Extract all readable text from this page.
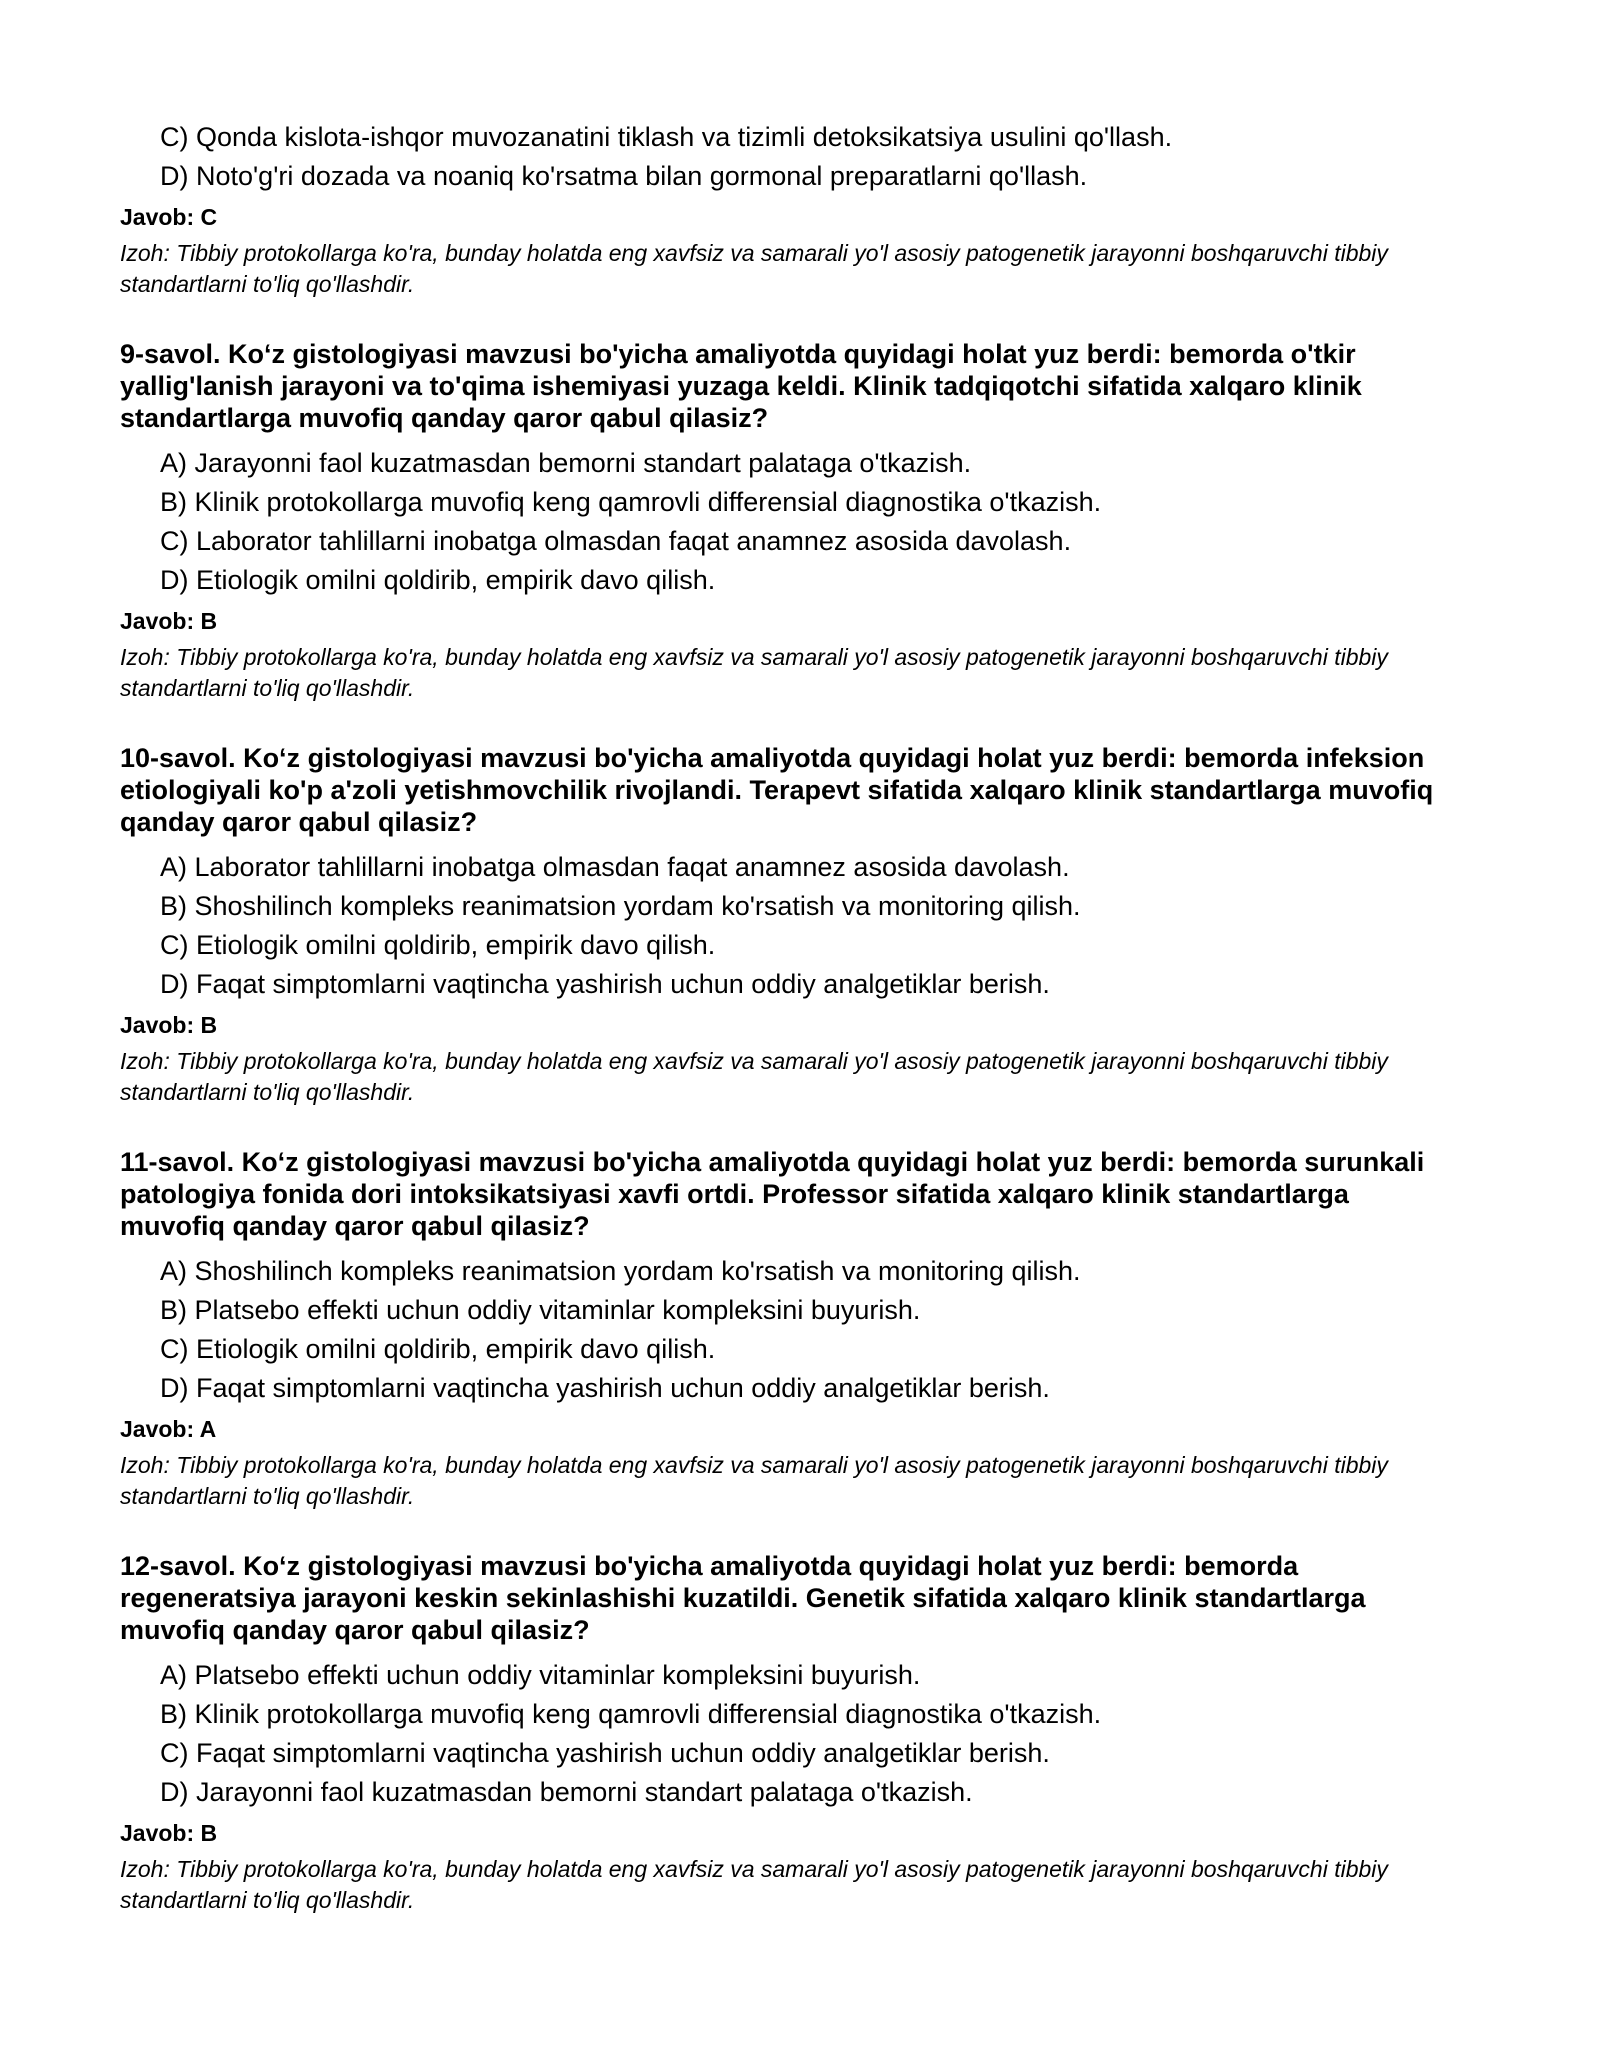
C) Qonda kislota-ishqor muvozanatini tiklash va tizimli detoksikatsiya usulini qo'llash.

D) Noto'g'ri dozada va noaniq ko'rsatma bilan gormonal preparatlarni qo'llash.

Javob: C
Izoh: Tibbiy protokollarga ko'ra, bunday holatda eng xavfsiz va samarali yo'l asosiy patogenetik jarayonni boshqaruvchi tibbiy standartlarni to'liq qo'llashdir.
9-savol. Ko‘z gistologiyasi mavzusi bo'yicha amaliyotda quyidagi holat yuz berdi: bemorda o'tkir yallig'lanish jarayoni va to'qima ishemiyasi yuzaga keldi. Klinik tadqiqotchi sifatida xalqaro klinik standartlarga muvofiq qanday qaror qabul qilasiz?

A) Jarayonni faol kuzatmasdan bemorni standart palataga o'tkazish.

B) Klinik protokollarga muvofiq keng qamrovli differensial diagnostika o'tkazish.

C) Laborator tahlillarni inobatga olmasdan faqat anamnez asosida davolash.

D) Etiologik omilni qoldirib, empirik davo qilish.

Javob: B
Izoh: Tibbiy protokollarga ko'ra, bunday holatda eng xavfsiz va samarali yo'l asosiy patogenetik jarayonni boshqaruvchi tibbiy standartlarni to'liq qo'llashdir.
10-savol. Ko‘z gistologiyasi mavzusi bo'yicha amaliyotda quyidagi holat yuz berdi: bemorda infeksion etiologiyali ko'p a'zoli yetishmovchilik rivojlandi. Terapevt sifatida xalqaro klinik standartlarga muvofiq qanday qaror qabul qilasiz?

A) Laborator tahlillarni inobatga olmasdan faqat anamnez asosida davolash.

B) Shoshilinch kompleks reanimatsion yordam ko'rsatish va monitoring qilish.

C) Etiologik omilni qoldirib, empirik davo qilish.

D) Faqat simptomlarni vaqtincha yashirish uchun oddiy analgetiklar berish.

Javob: B
Izoh: Tibbiy protokollarga ko'ra, bunday holatda eng xavfsiz va samarali yo'l asosiy patogenetik jarayonni boshqaruvchi tibbiy standartlarni to'liq qo'llashdir.
11-savol. Ko‘z gistologiyasi mavzusi bo'yicha amaliyotda quyidagi holat yuz berdi: bemorda surunkali patologiya fonida dori intoksikatsiyasi xavfi ortdi. Professor sifatida xalqaro klinik standartlarga muvofiq qanday qaror qabul qilasiz?

A) Shoshilinch kompleks reanimatsion yordam ko'rsatish va monitoring qilish.

B) Platsebo effekti uchun oddiy vitaminlar kompleksini buyurish.

C) Etiologik omilni qoldirib, empirik davo qilish.

D) Faqat simptomlarni vaqtincha yashirish uchun oddiy analgetiklar berish.

Javob: A
Izoh: Tibbiy protokollarga ko'ra, bunday holatda eng xavfsiz va samarali yo'l asosiy patogenetik jarayonni boshqaruvchi tibbiy standartlarni to'liq qo'llashdir.
12-savol. Ko‘z gistologiyasi mavzusi bo'yicha amaliyotda quyidagi holat yuz berdi: bemorda regeneratsiya jarayoni keskin sekinlashishi kuzatildi. Genetik sifatida xalqaro klinik standartlarga muvofiq qanday qaror qabul qilasiz?

A) Platsebo effekti uchun oddiy vitaminlar kompleksini buyurish.

B) Klinik protokollarga muvofiq keng qamrovli differensial diagnostika o'tkazish.

C) Faqat simptomlarni vaqtincha yashirish uchun oddiy analgetiklar berish.

D) Jarayonni faol kuzatmasdan bemorni standart palataga o'tkazish.

Javob: B
Izoh: Tibbiy protokollarga ko'ra, bunday holatda eng xavfsiz va samarali yo'l asosiy patogenetik jarayonni boshqaruvchi tibbiy standartlarni to'liq qo'llashdir.
